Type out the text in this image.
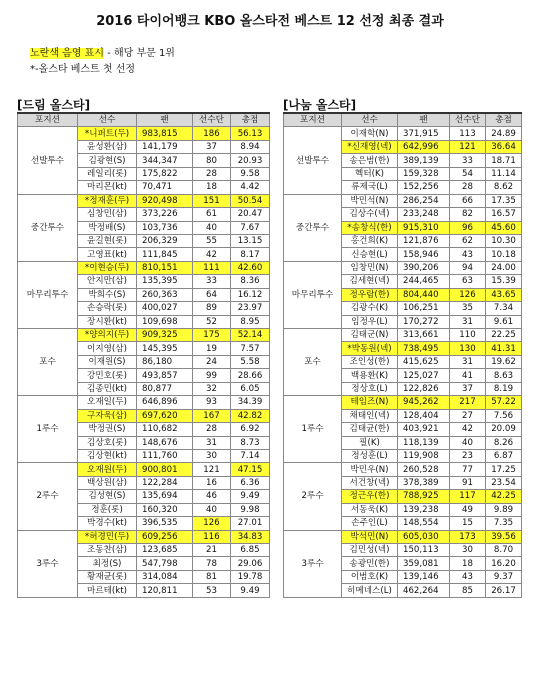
2016 타이어뱅크 KBO 올스타전 베스트 12 선정 최종 결과
노란색 음영 표시 - 해당 부문 1위
*-올스타 베스트 첫 선정
[드림 올스타]	[나눔 올스타]
포지션	선수	팬	선수단	총점
선발투수	*니퍼트(두)	983,815	186	56.13
	윤성환(삼)	141,179	37	8.94
	김광현(S)	344,347	80	20.93
	레일리(롯)	175,822	28	9.58
	마리몬(kt)	70,471	18	4.42
중간투수	*정재훈(두)	920,498	151	50.54
	심창민(삼)	373,226	61	20.47
	박정배(S)	103,736	40	7.67
	윤길현(롯)	206,329	55	13.15
	고영표(kt)	111,845	42	8.17
마무리투수	*이현승(두)	810,151	111	42.60
	안지만(삼)	135,395	33	8.36
	박희수(S)	260,363	64	16.12
	손승락(롯)	400,027	89	23.97
	장시환(kt)	109,698	52	8.95
포수	*양의지(두)	909,325	175	52.14
	이지영(삼)	145,395	19	7.57
	이재원(S)	86,180	24	5.58
	강민호(롯)	493,857	99	28.66
	김종민(kt)	80,877	32	6.05
1루수	오재일(두)	646,896	93	34.39
	구자욱(삼)	697,620	167	42.82
	박정권(S)	110,682	28	6.92
	김상호(롯)	148,676	31	8.73
	김상현(kt)	111,760	30	7.14
2루수	오재원(두)	900,801	121	47.15
	백상원(삼)	122,284	16	6.36
	김성현(S)	135,694	46	9.49
	정훈(롯)	160,320	40	9.98
	박경수(kt)	396,535	126	27.01
3루수	*허경민(두)	609,256	116	34.83
	조동찬(삼)	123,685	21	6.85
	최정(S)	547,798	78	29.06
	황재균(롯)	314,084	81	19.78
	마르테(kt)	120,811	53	9.49
포지션	선수	팬	선수단	총점
선발투수	이재학(N)	371,915	113	24.89
	*신재영(넥)	642,996	121	36.64
	송은범(한)	389,139	33	18.71
	헥터(K)	159,328	54	11.14
	류제국(L)	152,256	28	8.62
중간투수	박민석(N)	286,254	66	17.35
	김상수(넥)	233,248	82	16.57
	*송창식(한)	915,310	96	45.60
	홍건희(K)	121,876	62	10.30
	신승현(L)	158,946	43	10.18
마무리투수	임창민(N)	390,206	94	24.00
	김세현(넥)	244,465	63	15.39
	정우람(한)	804,440	126	43.65
	김광수(K)	106,251	35	7.34
	임정우(L)	170,272	31	9.61
포수	김태군(N)	313,661	110	22.25
	*박동원(넥)	738,495	130	41.31
	조인성(한)	415,625	31	19.62
	백용환(K)	125,027	41	8.63
	정상호(L)	122,826	37	8.19
1루수	테임즈(N)	945,262	217	57.22
	채태인(넥)	128,404	27	7.56
	김태균(한)	403,921	42	20.09
	필(K)	118,139	40	8.26
	정성훈(L)	119,908	23	6.87
2루수	박민우(N)	260,528	77	17.25
	서건창(넥)	378,389	91	23.54
	정근우(한)	788,925	117	42.25
	서동욱(K)	139,238	49	9.89
	손주인(L)	148,554	15	7.35
3루수	박석민(N)	605,030	173	39.56
	김민성(넥)	150,113	30	8.70
	송광민(한)	359,081	18	16.20
	이범호(K)	139,146	43	9.37
	히메네스(L)	462,264	85	26.17
